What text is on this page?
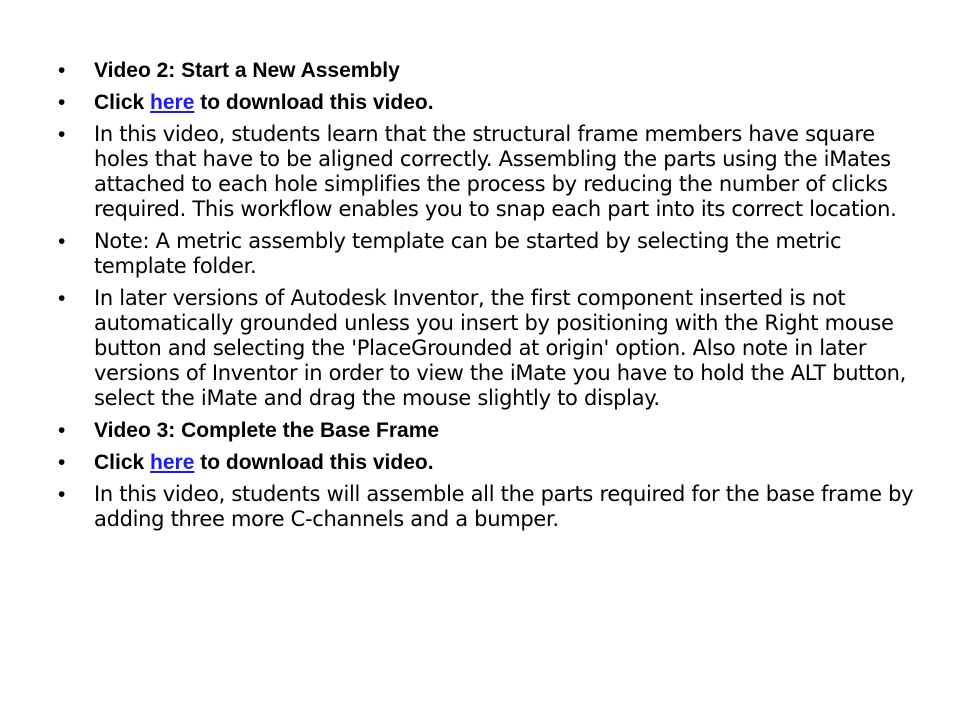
• Video 2: Start a New Assembly
• Click here to download this video.
• In this video, students learn that the structural frame members have square holes that have to be aligned correctly. Assembling the parts using the iMates attached to each hole simplifies the process by reducing the number of clicks required. This workflow enables you to snap each part into its correct location.
• Note: A metric assembly template can be started by selecting the metric template folder.
• In later versions of Autodesk Inventor, the first component inserted is not automatically grounded unless you insert by positioning with the Right mouse button and selecting the 'PlaceGrounded at origin' option. Also note in later versions of Inventor in order to view the iMate you have to hold the ALT button, select the iMate and drag the mouse slightly to display.
• Video 3: Complete the Base Frame
• Click here to download this video.
• In this video, students will assemble all the parts required for the base frame by adding three more C-channels and a bumper.
